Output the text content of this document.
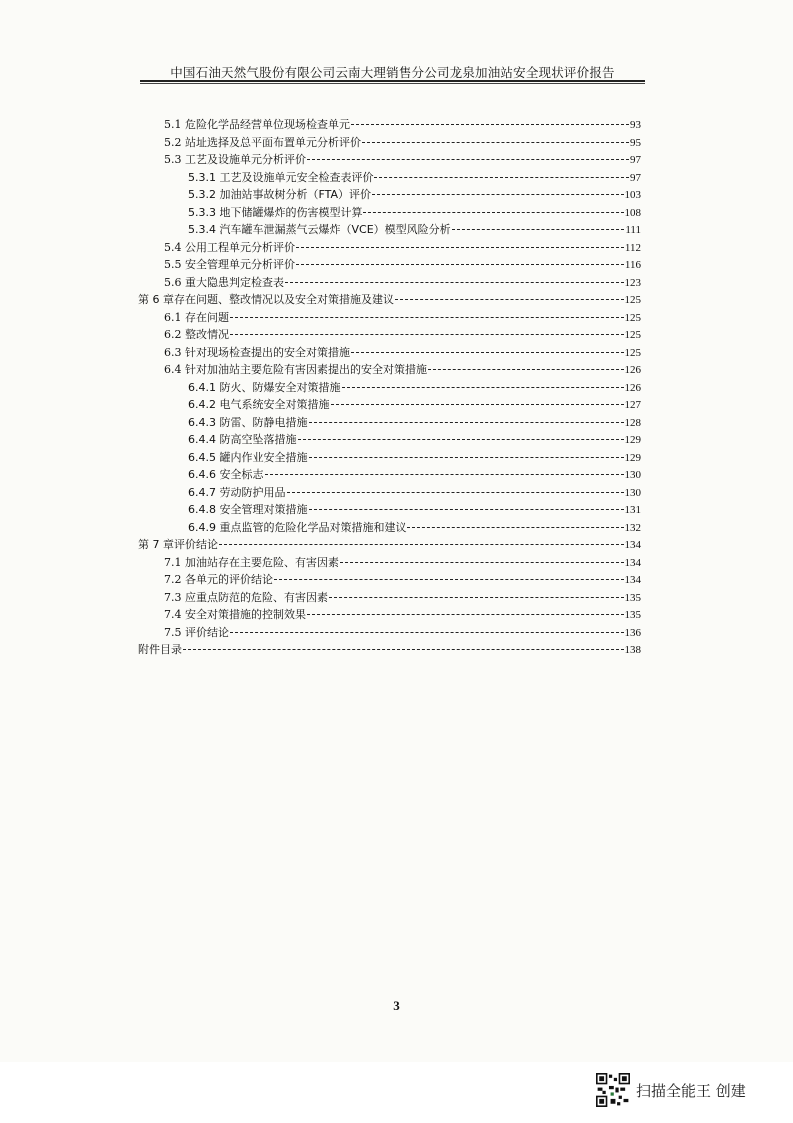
中国石油天然气股份有限公司云南大理销售分公司龙泉加油站安全现状评价报告
5.1 危险化学品经营单位现场检查单元	93
5.2 站址选择及总平面布置单元分析评价	95
5.3 工艺及设施单元分析评价	97
5.3.1 工艺及设施单元安全检查表评价	97
5.3.2 加油站事故树分析（FTA）评价	103
5.3.3 地下储罐爆炸的伤害模型计算	108
5.3.4 汽车罐车泄漏蒸气云爆炸（VCE）模型风险分析	111
5.4 公用工程单元分析评价	112
5.5 安全管理单元分析评价	116
5.6 重大隐患判定检查表	123
第 6 章存在问题、整改情况以及安全对策措施及建议	125
6.1 存在问题	125
6.2 整改情况	125
6.3 针对现场检查提出的安全对策措施	125
6.4 针对加油站主要危险有害因素提出的安全对策措施	126
6.4.1 防火、防爆安全对策措施	126
6.4.2 电气系统安全对策措施	127
6.4.3 防雷、防静电措施	128
6.4.4 防高空坠落措施	129
6.4.5 罐内作业安全措施	129
6.4.6 安全标志	130
6.4.7 劳动防护用品	130
6.4.8 安全管理对策措施	131
6.4.9 重点监管的危险化学品对策措施和建议	132
第 7 章评价结论	134
7.1 加油站存在主要危险、有害因素	134
7.2 各单元的评价结论	134
7.3 应重点防范的危险、有害因素	135
7.4 安全对策措施的控制效果	135
7.5 评价结论	136
附件目录	138
3
扫描全能王 创建
